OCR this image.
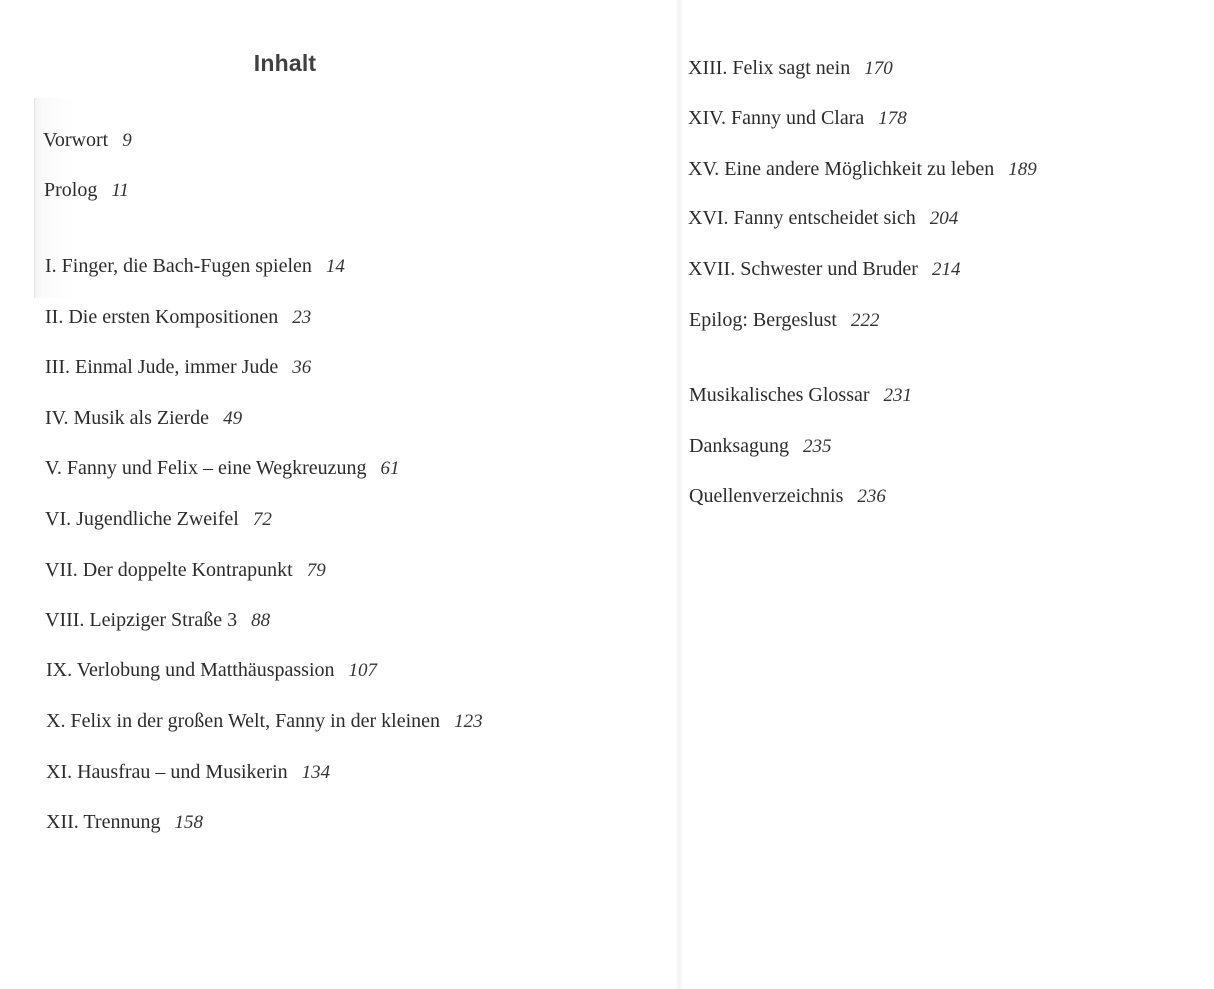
Inhalt
Vorwort 9
Prolog 11
I. Finger, die Bach-Fugen spielen 14
II. Die ersten Kompositionen 23
III. Einmal Jude, immer Jude 36
IV. Musik als Zierde 49
V. Fanny und Felix – eine Wegkreuzung 61
VI. Jugendliche Zweifel 72
VII. Der doppelte Kontrapunkt 79
VIII. Leipziger Straße 3 88
IX. Verlobung und Matthäuspassion 107
X. Felix in der großen Welt, Fanny in der kleinen 123
XI. Hausfrau – und Musikerin 134
XII. Trennung 158
XIII. Felix sagt nein 170
XIV. Fanny und Clara 178
XV. Eine andere Möglichkeit zu leben 189
XVI. Fanny entscheidet sich 204
XVII. Schwester und Bruder 214
Epilog: Bergeslust 222
Musikalisches Glossar 231
Danksagung 235
Quellenverzeichnis 236
